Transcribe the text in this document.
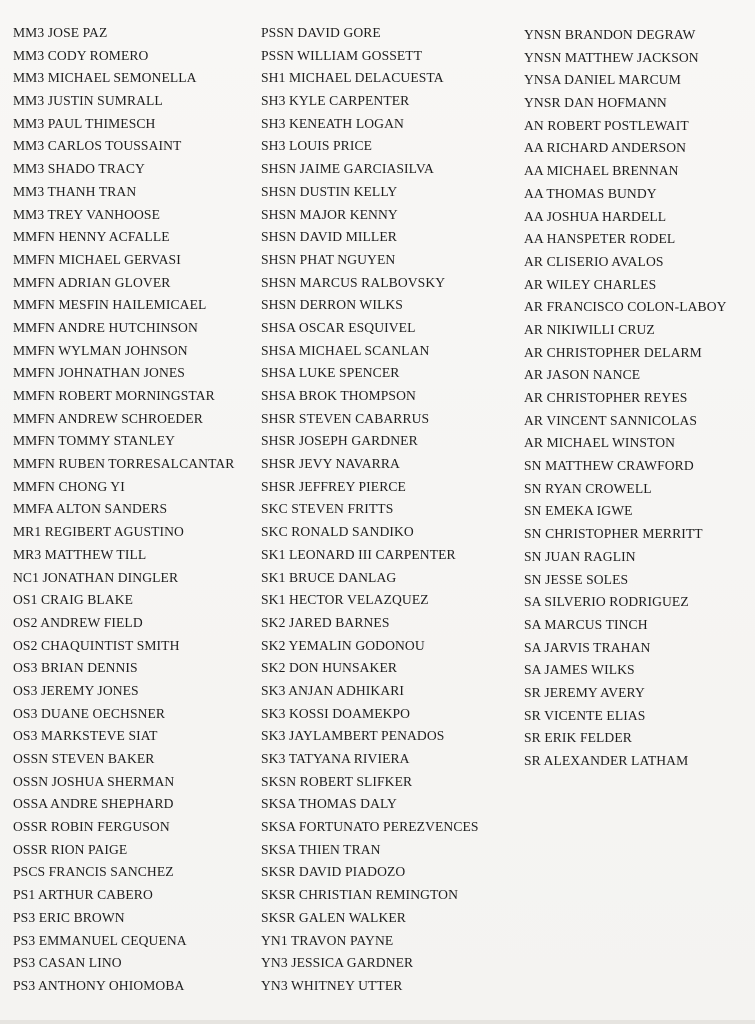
MM3 JOSE PAZ
MM3 CODY ROMERO
MM3 MICHAEL SEMONELLA
MM3 JUSTIN SUMRALL
MM3 PAUL THIMESCH
MM3 CARLOS TOUSSAINT
MM3 SHADO TRACY
MM3 THANH TRAN
MM3 TREY VANHOOSE
MMFN HENNY ACFALLE
MMFN MICHAEL GERVASI
MMFN ADRIAN GLOVER
MMFN MESFIN HAILEMICAEL
MMFN ANDRE HUTCHINSON
MMFN WYLMAN JOHNSON
MMFN JOHNATHAN JONES
MMFN ROBERT MORNINGSTAR
MMFN ANDREW SCHROEDER
MMFN TOMMY STANLEY
MMFN RUBEN TORRESALCANTAR
MMFN CHONG YI
MMFA ALTON SANDERS
MR1 REGIBERT AGUSTINO
MR3 MATTHEW TILL
NC1 JONATHAN DINGLER
OS1 CRAIG BLAKE
OS2 ANDREW FIELD
OS2 CHAQUINTIST SMITH
OS3 BRIAN DENNIS
OS3 JEREMY JONES
OS3 DUANE OECHSNER
OS3 MARKSTEVE SIAT
OSSN STEVEN BAKER
OSSN JOSHUA SHERMAN
OSSA ANDRE SHEPHARD
OSSR ROBIN FERGUSON
OSSR RION PAIGE
PSCS FRANCIS SANCHEZ
PS1 ARTHUR CABERO
PS3 ERIC BROWN
PS3 EMMANUEL CEQUENA
PS3 CASAN LINO
PS3 ANTHONY OHIOMOBA
PSSN DAVID GORE
PSSN WILLIAM GOSSETT
SH1 MICHAEL DELACUESTA
SH3 KYLE CARPENTER
SH3 KENEATH LOGAN
SH3 LOUIS PRICE
SHSN JAIME GARCIASILVA
SHSN DUSTIN KELLY
SHSN MAJOR KENNY
SHSN DAVID MILLER
SHSN PHAT NGUYEN
SHSN MARCUS RALBOVSKY
SHSN DERRON WILKS
SHSA OSCAR ESQUIVEL
SHSA MICHAEL SCANLAN
SHSA LUKE SPENCER
SHSA BROK THOMPSON
SHSR STEVEN CABARRUS
SHSR JOSEPH GARDNER
SHSR JEVY NAVARRA
SHSR JEFFREY PIERCE
SKC STEVEN FRITTS
SKC RONALD SANDIKO
SK1 LEONARD III CARPENTER
SK1 BRUCE DANLAG
SK1 HECTOR VELAZQUEZ
SK2 JARED BARNES
SK2 YEMALIN GODONOU
SK2 DON HUNSAKER
SK3 ANJAN ADHIKARI
SK3 KOSSI DOAMEKPO
SK3 JAYLAMBERT PENADOS
SK3 TATYANA RIVIERA
SKSN ROBERT SLIFKER
SKSA THOMAS DALY
SKSA FORTUNATO PEREZVENCES
SKSA THIEN TRAN
SKSR DAVID PIADOZO
SKSR CHRISTIAN REMINGTON
SKSR GALEN WALKER
YN1 TRAVON PAYNE
YN3 JESSICA GARDNER
YN3 WHITNEY UTTER
YNSN BRANDON DEGRAW
YNSN MATTHEW JACKSON
YNSA DANIEL MARCUM
YNSR DAN HOFMANN
AN ROBERT POSTLEWAIT
AA RICHARD ANDERSON
AA MICHAEL BRENNAN
AA THOMAS BUNDY
AA JOSHUA HARDELL
AA HANSPETER RODEL
AR CLISERIO AVALOS
AR WILEY CHARLES
AR FRANCISCO COLON-LABOY
AR NIKIWILLI CRUZ
AR CHRISTOPHER DELARM
AR JASON NANCE
AR CHRISTOPHER REYES
AR VINCENT SANNICOLAS
AR MICHAEL WINSTON
SN MATTHEW CRAWFORD
SN RYAN CROWELL
SN EMEKA IGWE
SN CHRISTOPHER MERRITT
SN JUAN RAGLIN
SN JESSE SOLES
SA SILVERIO RODRIGUEZ
SA MARCUS TINCH
SA JARVIS TRAHAN
SA JAMES WILKS
SR JEREMY AVERY
SR VICENTE ELIAS
SR ERIK FELDER
SR ALEXANDER LATHAM
